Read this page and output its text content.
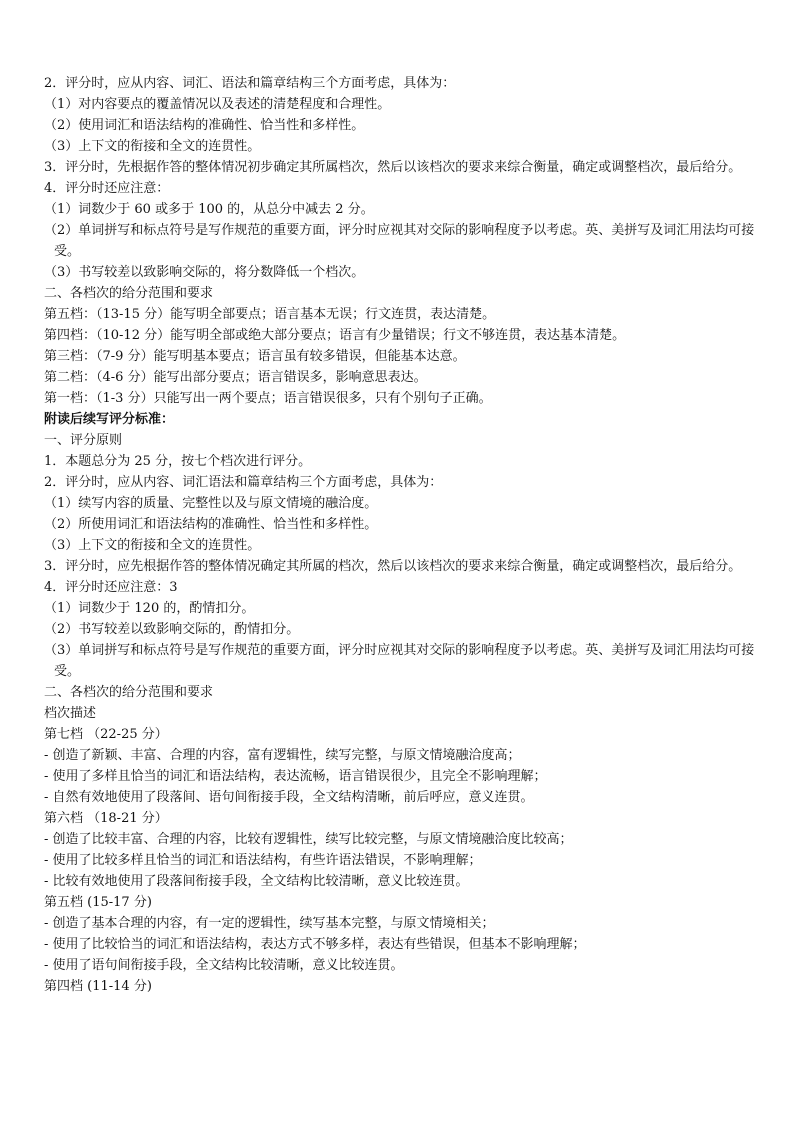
2．评分时，应从内容、词汇、语法和篇章结构三个方面考虑，具体为：
（1）对内容要点的覆盖情况以及表述的清楚程度和合理性。
（2）使用词汇和语法结构的准确性、恰当性和多样性。
（3）上下文的衔接和全文的连贯性。
3．评分时，先根据作答的整体情况初步确定其所属档次，然后以该档次的要求来综合衡量，确定或调整档次，最后给分。
4．评分时还应注意：
（1）词数少于 60 或多于 100 的，从总分中减去 2 分。
（2）单词拼写和标点符号是写作规范的重要方面，评分时应视其对交际的影响程度予以考虑。英、美拼写及词汇用法均可接受。
（3）书写较差以致影响交际的，将分数降低一个档次。
二、各档次的给分范围和要求
第五档：（13-15 分）能写明全部要点；语言基本无误；行文连贯，表达清楚。
第四档：（10-12 分）能写明全部或绝大部分要点；语言有少量错误；行文不够连贯，表达基本清楚。
第三档：（7-9 分）能写明基本要点；语言虽有较多错误，但能基本达意。
第二档：（4-6 分）能写出部分要点；语言错误多，影响意思表达。
第一档：（1-3 分）只能写出一两个要点；语言错误很多，只有个别句子正确。
附读后续写评分标准：
一、评分原则
1．本题总分为 25 分，按七个档次进行评分。
2．评分时，应从内容、词汇语法和篇章结构三个方面考虑，具体为：
（1）续写内容的质量、完整性以及与原文情境的融洽度。
（2）所使用词汇和语法结构的准确性、恰当性和多样性。
（3）上下文的衔接和全文的连贯性。
3．评分时，应先根据作答的整体情况确定其所属的档次，然后以该档次的要求来综合衡量，确定或调整档次，最后给分。
4．评分时还应注意：3
（1）词数少于 120 的，酌情扣分。
（2）书写较差以致影响交际的，酌情扣分。
（3）单词拼写和标点符号是写作规范的重要方面，评分时应视其对交际的影响程度予以考虑。英、美拼写及词汇用法均可接受。
二、各档次的给分范围和要求
档次描述
第七档 （22-25 分）
- 创造了新颖、丰富、合理的内容，富有逻辑性，续写完整，与原文情境融洽度高；
- 使用了多样且恰当的词汇和语法结构，表达流畅，语言错误很少，且完全不影响理解；
- 自然有效地使用了段落间、语句间衔接手段，全文结构清晰，前后呼应，意义连贯。
第六档 （18-21 分）
- 创造了比较丰富、合理的内容，比较有逻辑性，续写比较完整，与原文情境融洽度比较高；
- 使用了比较多样且恰当的词汇和语法结构，有些许语法错误，不影响理解；
- 比较有效地使用了段落间衔接手段，全文结构比较清晰，意义比较连贯。
第五档 (15-17 分)
- 创造了基本合理的内容，有一定的逻辑性，续写基本完整，与原文情境相关；
- 使用了比较恰当的词汇和语法结构，表达方式不够多样，表达有些错误，但基本不影响理解；
- 使用了语句间衔接手段，全文结构比较清晰，意义比较连贯。
第四档 (11-14 分)
